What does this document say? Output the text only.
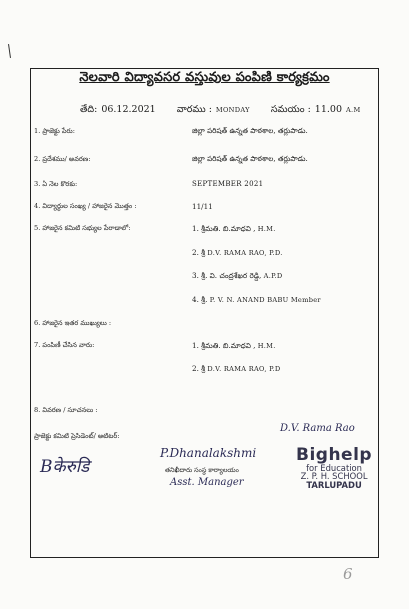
నెలవారి విద్యావసర వస్తువుల పంపిణి కార్యక్రమం
తేది: 06.12.2021 వారము : MONDAY సమయం : 11.00 A.M
1. ప్రాజెక్టు పేరు:	జిల్లా పరిషత్ ఉన్నత పాఠశాల, తర్లుపాడు.
2. ప్రదేశము/ అవరణ:	జిల్లా పరిషత్ ఉన్నత పాఠశాల, తర్లుపాడు.
3. ఏ నెల కొరకు:	SEPTEMBER 2021
4. విద్యార్థుల సంఖ్య / హాజరైన మొత్తం :	11/11
5. హాజరైన కమిటి సభ్యుల పేరాడాలో:	1. శ్రీమతి. బి.మాధవి , H.M.
2. శ్రీ D.V. RAMA RAO, P.D.
3. శ్రీ. వి. చంద్రశేఖర రెడ్డి, A.P.D
4. శ్రీ. P. V. N. ANAND BABU Member
6. హాజరైన ఇతర ముఖ్యులు :
7. పంపిణీ చేసిన వారు:	1. శ్రీమతి. బి.మాధవి , H.M.
2. శ్రీ D.V. RAMA RAO, P.D
8. వివరణ / సూచనలు :
ప్రాజెక్టు కమిటి ప్రెసిడెంట్/ అటిటర్:
Bकेरुडि
P.Dhanalakshmi
తనిఖీదారు సంస్థ కార్యాలయం
Asst. Manager
D.V. Rama Rao
Bighelp
for Education
Z. P. H. SCHOOL
TARLUPADU
6
